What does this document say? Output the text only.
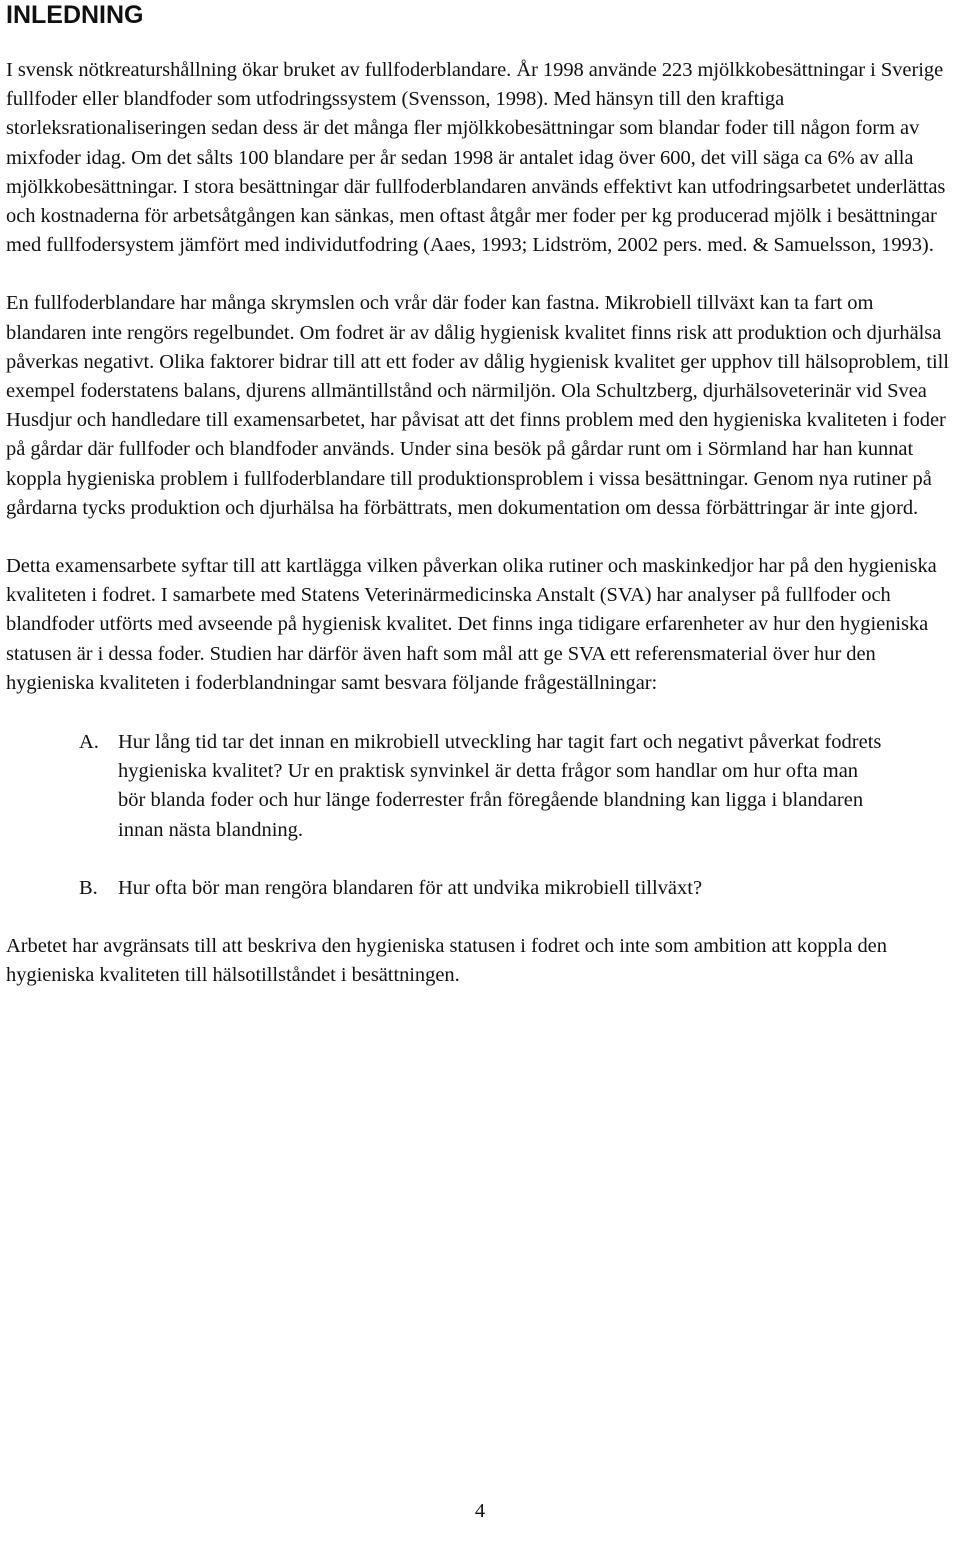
INLEDNING

I svensk nötkreaturshållning ökar bruket av fullfoderblandare. År 1998 använde 223 mjölkkobesättningar i Sverige fullfoder eller blandfoder som utfodringssystem (Svensson, 1998). Med hänsyn till den kraftiga storleksrationaliseringen sedan dess är det många fler mjölkkobesättningar som blandar foder till någon form av mixfoder idag. Om det sålts 100 blandare per år sedan 1998 är antalet idag över 600, det vill säga ca 6% av alla mjölkkobesättningar. I stora besättningar där fullfoderblandaren används effektivt kan utfodringsarbetet underlättas och kostnaderna för arbetsåtgången kan sänkas, men oftast åtgår mer foder per kg producerad mjölk i besättningar med fullfodersystem jämfört med individutfodring (Aaes, 1993; Lidström, 2002 pers. med. & Samuelsson, 1993).

En fullfoderblandare har många skrymslen och vrår där foder kan fastna. Mikrobiell tillväxt kan ta fart om blandaren inte rengörs regelbundet. Om fodret är av dålig hygienisk kvalitet finns risk att produktion och djurhälsa påverkas negativt. Olika faktorer bidrar till att ett foder av dålig hygienisk kvalitet ger upphov till hälsoproblem, till exempel foderstatens balans, djurens allmäntillstånd och närmiljön. Ola Schultzberg, djurhälsoveterinär vid Svea Husdjur och handledare till examensarbetet, har påvisat att det finns problem med den hygieniska kvaliteten i foder på gårdar där fullfoder och blandfoder används. Under sina besök på gårdar runt om i Sörmland har han kunnat koppla hygieniska problem i fullfoderblandare till produktionsproblem i vissa besättningar. Genom nya rutiner på gårdarna tycks produktion och djurhälsa ha förbättrats, men dokumentation om dessa förbättringar är inte gjord.

Detta examensarbete syftar till att kartlägga vilken påverkan olika rutiner och maskinkedjor har på den hygieniska kvaliteten i fodret. I samarbete med Statens Veterinärmedicinska Anstalt (SVA) har analyser på fullfoder och blandfoder utförts med avseende på hygienisk kvalitet. Det finns inga tidigare erfarenheter av hur den hygieniska statusen är i dessa foder. Studien har därför även haft som mål att ge SVA ett referensmaterial över hur den hygieniska kvaliteten i foderblandningar samt besvara följande frågeställningar:

A. Hur lång tid tar det innan en mikrobiell utveckling har tagit fart och negativt påverkat fodrets hygieniska kvalitet? Ur en praktisk synvinkel är detta frågor som handlar om hur ofta man bör blanda foder och hur länge foderrester från föregående blandning kan ligga i blandaren innan nästa blandning.
B. Hur ofta bör man rengöra blandaren för att undvika mikrobiell tillväxt?

Arbetet har avgränsats till att beskriva den hygieniska statusen i fodret och inte som ambition att koppla den hygieniska kvaliteten till hälsotillståndet i besättningen.

4
